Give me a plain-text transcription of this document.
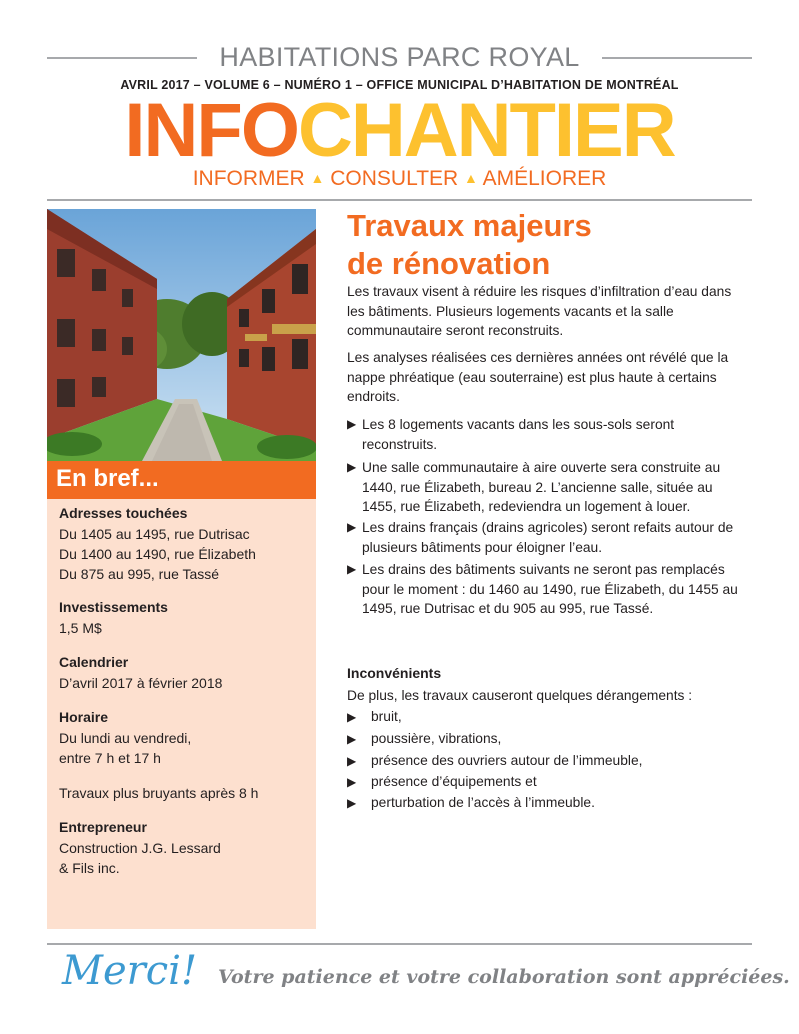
HABITATIONS PARC ROYAL
AVRIL 2017 – VOLUME 6 – NUMÉRO 1 – OFFICE MUNICIPAL D’HABITATION DE MONTRÉAL
INFOCHANTIER
INFORMER ▲ CONSULTER ▲ AMÉLIORER
En bref...
Adresses touchées
Du 1405 au 1495, rue Dutrisac
Du 1400 au 1490, rue Élizabeth
Du 875 au 995, rue Tassé
Investissements
1,5 M$
Calendrier
D’avril 2017 à février 2018
Horaire
Du lundi au vendredi,
entre 7 h et 17 h
Travaux plus bruyants après 8 h
Entrepreneur
Construction J.G. Lessard
& Fils inc.
Travaux majeurs
de rénovation
Les travaux visent à réduire les risques d’infiltration d’eau dans les bâtiments. Plusieurs logements vacants et la salle communautaire seront reconstruits.
Les analyses réalisées ces dernières années ont révélé que la nappe phréatique (eau souterraine) est plus haute à certains endroits.
▶ Les 8 logements vacants dans les sous-sols seront reconstruits.
▶ Une salle communautaire à aire ouverte sera construite au 1440, rue Élizabeth, bureau 2. L’ancienne salle, située au 1455, rue Élizabeth, redeviendra un logement à louer.
▶ Les drains français (drains agricoles) seront refaits autour de plusieurs bâtiments pour éloigner l’eau.
▶ Les drains des bâtiments suivants ne seront pas remplacés pour le moment : du 1460 au 1490, rue Élizabeth, du 1455 au 1495, rue Dutrisac et du 905 au 995, rue Tassé.
Inconvénients
De plus, les travaux causeront quelques dérangements :
▶ bruit,
▶ poussière, vibrations,
▶ présence des ouvriers autour de l’immeuble,
▶ présence d’équipements et
▶ perturbation de l’accès à l’immeuble.
Merci! Votre patience et votre collaboration sont appréciées.
